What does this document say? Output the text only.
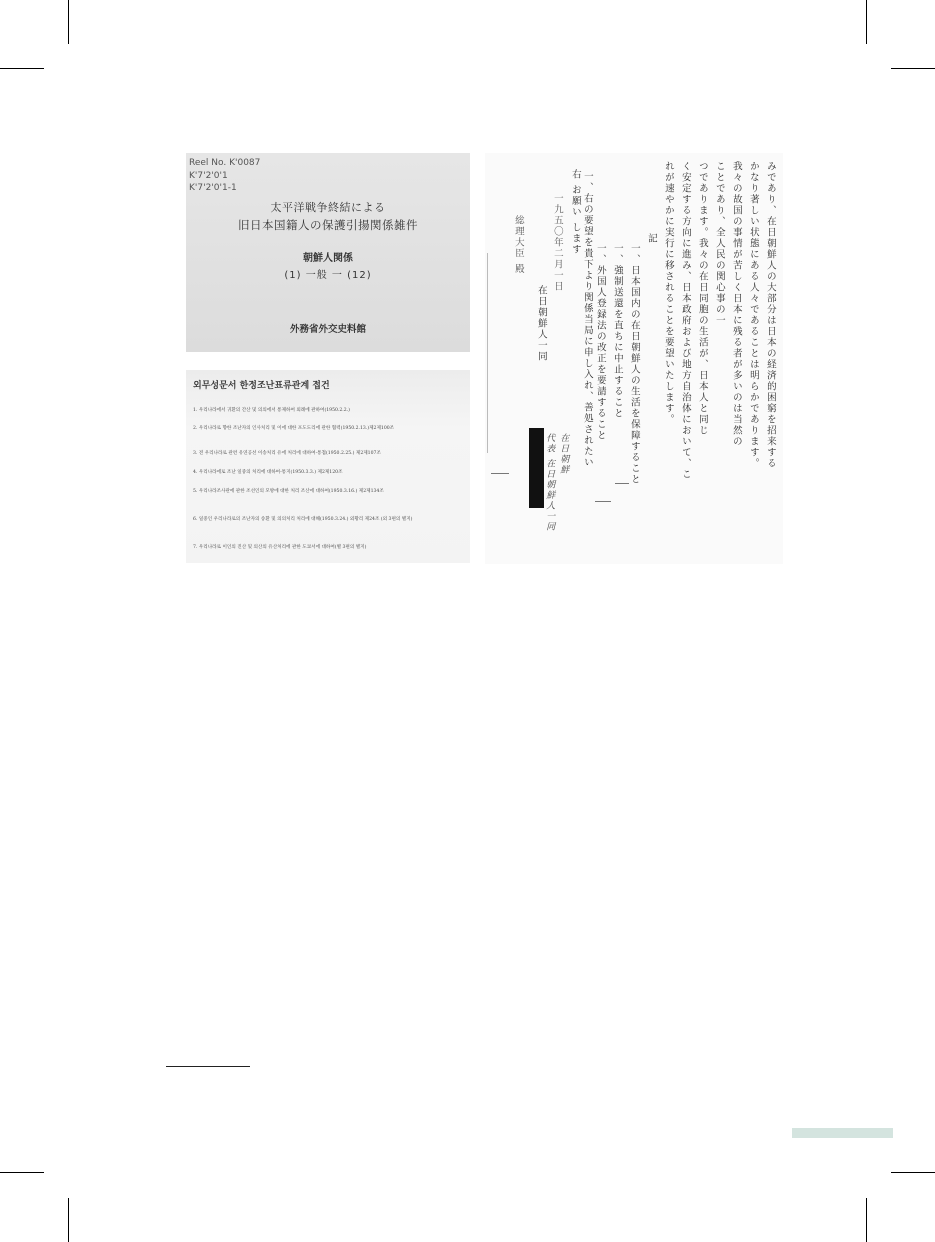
Reel No. K'0087
K'7'2'0'1
K'7'2'0'1-1
太平洋戦争終結による
旧日本国籍人の保護引揚関係雑件
朝鮮人関係
(1) 一般 一 (12)
外務省外交史料館
외무성문서 한정조난표류관계 접건
1. 우리나라에서 귀환의 간산 및 의의에서 통제하여 외례에 관하여(1950.2.2.)
2. 우리나라로 향한 조난자의 인사처리 및 이에 대한 포도도리에 관한 협력(1950.2.13.)제2제100조
3. 전 우리나라로 관련 유연공선 이송처리 유에 처리에 대하여-통첩(1950.2.25.) 제2제107조
4. 우리나라에로 조난 일중의 처리에 대하여-통지(1950.3.3.) 제2제120조
5. 우리나라조사관에 관한 조선인의 모방에 대한 처리 조산에 대하여(1950.3.16.) 제2제134조
6. 일중인 우리나라로의 조난자의 송환 및 의의처리 처리에 대해(1950.3.24.) 외황리 제24조 (외 3편의 별지)
7. 우리나라로 이인의 진산 및 의산의 유산처리에 관한 도쿄서에 대하여(별 3편의 별지)
みであり、在日朝鮮人の大部分は日本の経済的困窮を招来する
かなり著しい状態にある人々であることは明らかであります。
我々の故国の事情が苦しく日本に残る者が多いのは当然の
ことであり、全人民の関心事の一
つであります。我々の在日同胞の生活が、日本人と同じ
く安定する方向に進み、日本政府および地方自治体において、こ
れが速やかに実行に移されることを要望いたします。
記
一、日本国内の在日朝鮮人の生活を保障すること
一、強制送還を直ちに中止すること
一、外国人登録法の改正を要請すること
一、右の要望を貴下より関係当局に申し入れ、善処されたい
右 お願い します
一九五〇年二月一日
在日朝鮮人一同
総理大臣 殿
在日朝鮮
代表 在日朝鮮人一同
